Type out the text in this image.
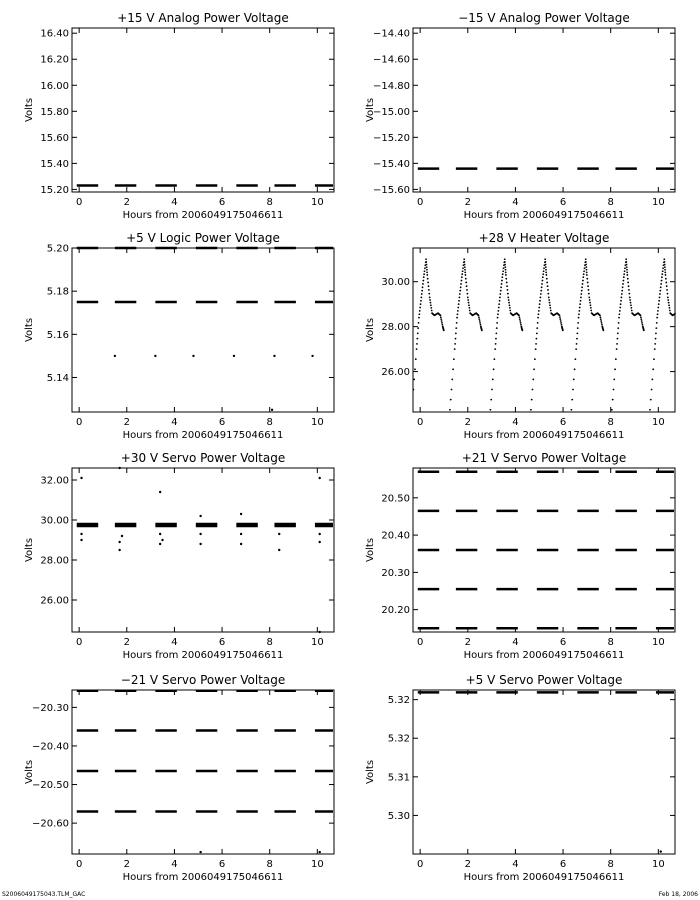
+15 V Analog Power Voltage
0	2	4	6	8	10
15.20
15.40
15.60
15.80
16.00
16.20
16.40
Hours from 2006049175046611
Volts
−15 V Analog Power Voltage
0	2	4	6	8	10
−15.60
−15.40
−15.20
−15.00
−14.80
−14.60
−14.40
Hours from 2006049175046611
Volts
+5 V Logic Power Voltage
0	2	4	6	8	10
5.14
5.16
5.18
5.20
Hours from 2006049175046611
Volts
+28 V Heater Voltage
0	2	4	6	8	10
26.00
28.00
30.00
Hours from 2006049175046611
Volts
+30 V Servo Power Voltage
0	2	4	6	8	10
26.00
28.00
30.00
32.00
Hours from 2006049175046611
Volts
+21 V Servo Power Voltage
0	2	4	6	8	10
20.20
20.30
20.40
20.50
Hours from 2006049175046611
Volts
−21 V Servo Power Voltage
0	2	4	6	8	10
−20.60
−20.50
−20.40
−20.30
Hours from 2006049175046611
Volts
+5 V Servo Power Voltage
0	2	4	6	8	10
5.30
5.31
5.32
5.32
Hours from 2006049175046611
Volts
S2006049175043.TLM_GAC	Feb 18, 2006
